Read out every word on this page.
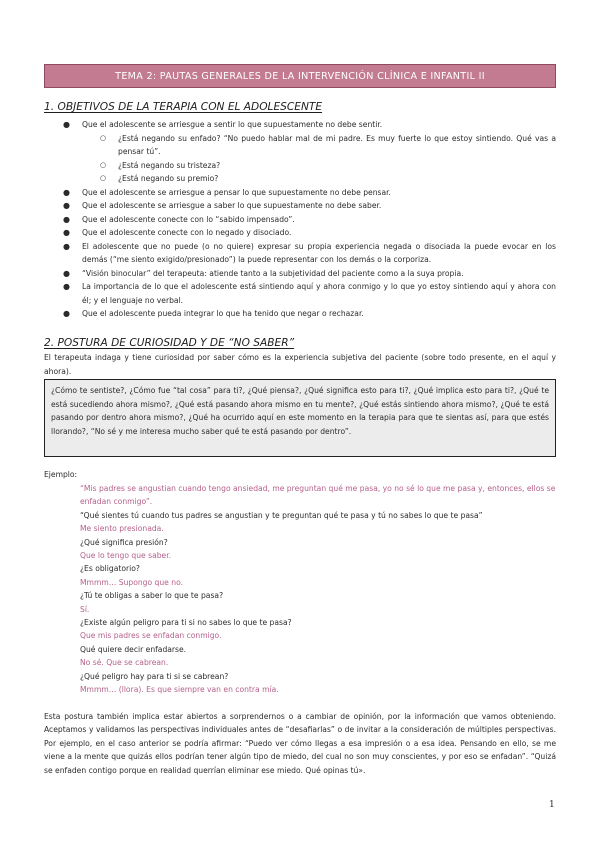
TEMA 2: PAUTAS GENERALES DE LA INTERVENCIÓN CLÍNICA E INFANTIL II
1. OBJETIVOS DE LA TERAPIA CON EL ADOLESCENTE
● Que el adolescente se arriesgue a sentir lo que supuestamente no debe sentir.
○ ¿Está negando su enfado? “No puedo hablar mal de mi padre. Es muy fuerte lo que estoy sintiendo. Qué vas a pensar tú”.
○ ¿Está negando su tristeza?
○ ¿Está negando su premio?
● Que el adolescente se arriesgue a pensar lo que supuestamente no debe pensar.
● Que el adolescente se arriesgue a saber lo que supuestamente no debe saber.
● Que el adolescente conecte con lo “sabido impensado”.
● Que el adolescente conecte con lo negado y disociado.
● El adolescente que no puede (o no quiere) expresar su propia experiencia negada o disociada la puede evocar en los demás (“me siento exigido/presionado”) la puede representar con los demás o la corporiza.
● “Visión binocular” del terapeuta: atiende tanto a la subjetividad del paciente como a la suya propia.
● La importancia de lo que el adolescente está sintiendo aquí y ahora conmigo y lo que yo estoy sintiendo aquí y ahora con él; y el lenguaje no verbal.
● Que el adolescente pueda integrar lo que ha tenido que negar o rechazar.
2. POSTURA DE CURIOSIDAD Y DE “NO SABER”
El terapeuta indaga y tiene curiosidad por saber cómo es la experiencia subjetiva del paciente (sobre todo presente, en el aquí y ahora).
¿Cómo te sentiste?, ¿Cómo fue “tal cosa” para ti?, ¿Qué piensa?, ¿Qué significa esto para ti?, ¿Qué implica esto para ti?, ¿Qué te está sucediendo ahora mismo?, ¿Qué está pasando ahora mismo en tu mente?, ¿Qué estás sintiendo ahora mismo?, ¿Qué te está pasando por dentro ahora mismo?, ¿Qué ha ocurrido aquí en este momento en la terapia para que te sientas así, para que estés llorando?, “No sé y me interesa mucho saber qué te está pasando por dentro”.
Ejemplo:
“Mis padres se angustian cuando tengo ansiedad, me preguntan qué me pasa, yo no sé lo que me pasa y, entonces, ellos se enfadan conmigo”.
“Qué sientes tú cuando tus padres se angustian y te preguntan qué te pasa y tú no sabes lo que te pasa”
Me siento presionada.
¿Qué significa presión?
Que lo tengo que saber.
¿Es obligatorio?
Mmmm… Supongo que no.
¿Tú te obligas a saber lo que te pasa?
Sí.
¿Existe algún peligro para ti si no sabes lo que te pasa?
Que mis padres se enfadan conmigo.
Qué quiere decir enfadarse.
No sé. Que se cabrean.
¿Qué peligro hay para ti si se cabrean?
Mmmm… (llora). Es que siempre van en contra mía.
Esta postura también implica estar abiertos a sorprendernos o a cambiar de opinión, por la información que vamos obteniendo. Aceptamos y validamos las perspectivas individuales antes de “desafiarlas” o de invitar a la consideración de múltiples perspectivas. Por ejemplo, en el caso anterior se podría afirmar: “Puedo ver cómo llegas a esa impresión o a esa idea. Pensando en ello, se me viene a la mente que quizás ellos podrían tener algún tipo de miedo, del cual no son muy conscientes, y por eso se enfadan”. “Quizá se enfaden contigo porque en realidad querrían eliminar ese miedo. Qué opinas tú».
1
